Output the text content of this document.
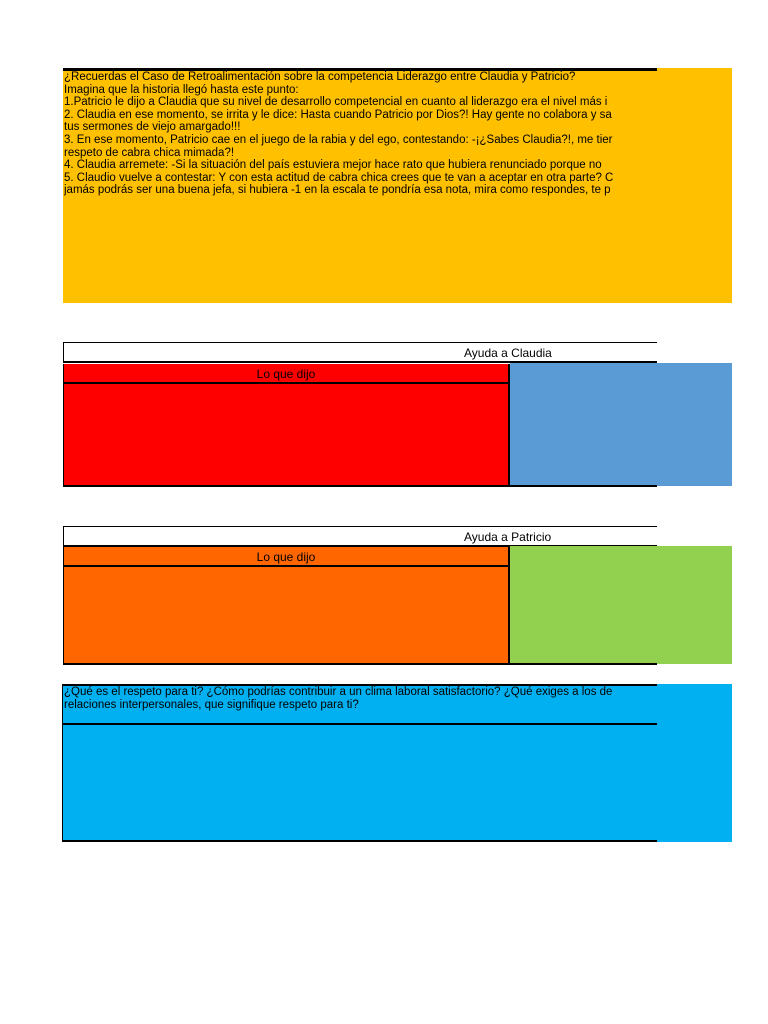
¿Recuerdas el Caso de Retroalimentación sobre la competencia Liderazgo entre Claudia y Patricio?
Imagina que la historia llegó hasta este punto:
1.Patricio le dijo a Claudia que su nivel de desarrollo competencial en cuanto al liderazgo era el nivel más i
2. Claudia en ese momento, se irrita y le dice: Hasta cuando Patricio por Dios?! Hay gente no colabora y sa
tus sermones de viejo amargado!!!
3. En ese momento, Patricio cae en el juego de la rabia y del ego, contestando: -¡¿Sabes Claudia?!, me tier
respeto de cabra chica mimada?!
4. Claudia arremete: -Si la situación del país estuviera mejor hace rato que hubiera renunciado porque no
5. Claudio vuelve a contestar: Y con esta actitud de cabra chica crees que te van a aceptar en otra parte? C
jamás podrás ser una buena jefa, si hubiera -1 en la escala te pondría esa nota, mira como respondes, te p
Ayuda a Claudia
Lo que dijo
Ayuda a Patricio
Lo que dijo
¿Qué es el respeto para ti? ¿Cómo podrías contribuir a un clima laboral satisfactorio? ¿Qué exiges a los de
relaciones interpersonales, que signifique respeto para ti?
